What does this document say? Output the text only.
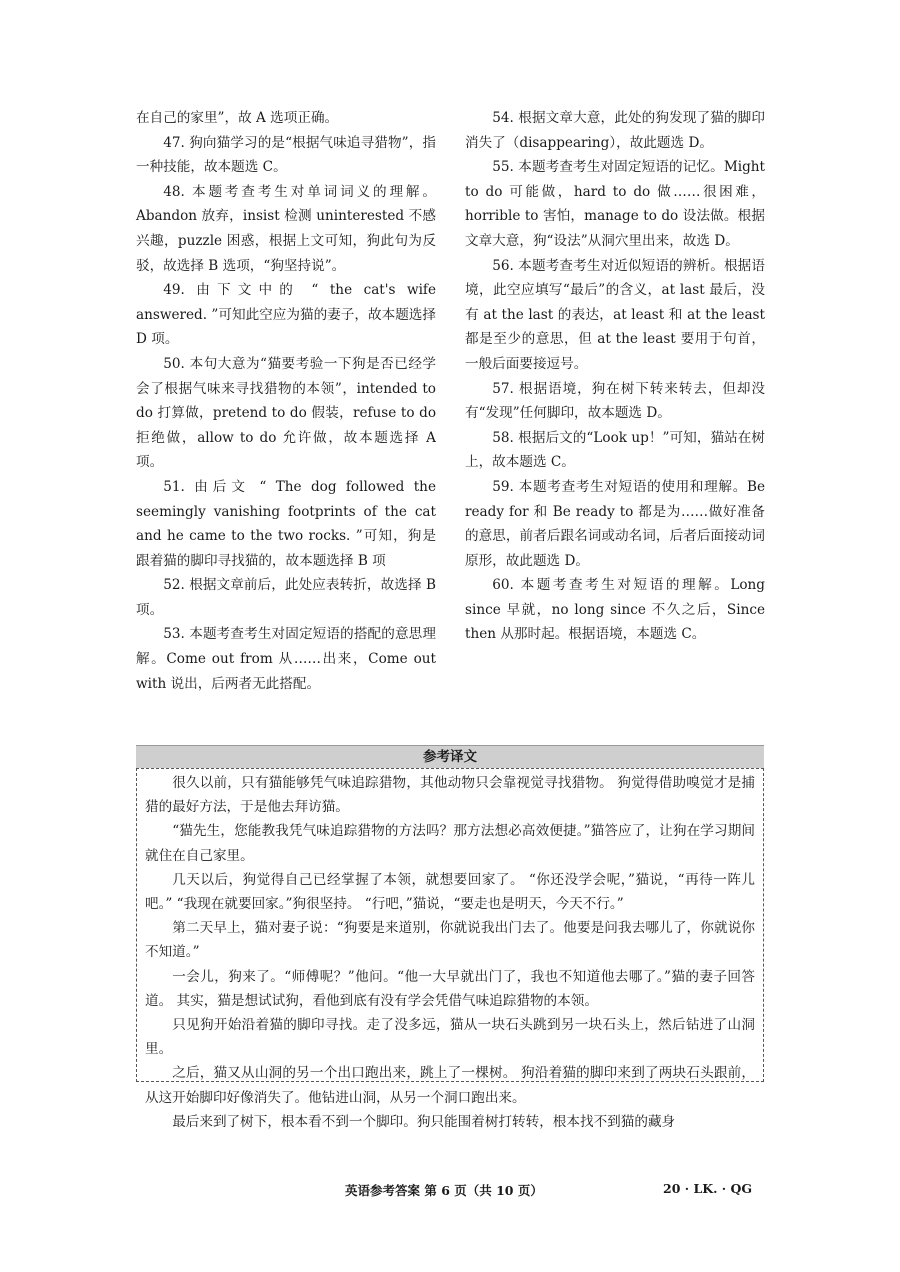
在自己的家里”，故 A 选项正确。

47. 狗向猫学习的是“根据气味追寻猎物”，指一种技能，故本题选 C。

48. 本题考查考生对单词词义的理解。Abandon 放弃，insist 检测 uninterested 不感兴趣，puzzle 困惑，根据上文可知，狗此句为反驳，故选择 B 选项，“狗坚持说”。

49. 由下文中的 “ the cat's wife answered. ”可知此空应为猫的妻子，故本题选择 D 项。

50. 本句大意为“猫要考验一下狗是否已经学会了根据气味来寻找猎物的本领”，intended to do 打算做，pretend to do 假装，refuse to do 拒绝做，allow to do 允许做，故本题选择 A 项。

51. 由后文 “ The dog followed the seemingly vanishing footprints of the cat and he came to the two rocks. ”可知，狗是跟着猫的脚印寻找猫的，故本题选择 B 项

52. 根据文章前后，此处应表转折，故选择 B 项。

53. 本题考查考生对固定短语的搭配的意思理解。Come out from 从……出来，Come out with 说出，后两者无此搭配。

54. 根据文章大意，此处的狗发现了猫的脚印消失了（disappearing），故此题选 D。

55. 本题考查考生对固定短语的记忆。Might to do 可能做，hard to do 做……很困难，horrible to 害怕，manage to do 设法做。根据文章大意，狗“设法”从洞穴里出来，故选 D。

56. 本题考查考生对近似短语的辨析。根据语境，此空应填写“最后”的含义，at last 最后，没有 at the last 的表达，at least 和 at the least 都是至少的意思，但 at the least 要用于句首，一般后面要接逗号。

57. 根据语境，狗在树下转来转去，但却没有“发现”任何脚印，故本题选 D。

58. 根据后文的“Look up！”可知，猫站在树上，故本题选 C。

59. 本题考查考生对短语的使用和理解。Be ready for 和 Be ready to 都是为……做好准备的意思，前者后跟名词或动名词，后者后面接动词原形，故此题选 D。

60. 本题考查考生对短语的理解。Long since 早就，no long since 不久之后，Since then 从那时起。根据语境，本题选 C。

参考译文

很久以前，只有猫能够凭气味追踪猎物，其他动物只会靠视觉寻找猎物。 狗觉得借助嗅觉才是捕猎的最好方法，于是他去拜访猫。

“猫先生，您能教我凭气味追踪猎物的方法吗？那方法想必高效便捷。”猫答应了，让狗在学习期间就住在自己家里。

几天以后，狗觉得自己已经掌握了本领，就想要回家了。 “你还没学会呢，”猫说，“再待一阵儿吧。” “我现在就要回家。”狗很坚持。 “行吧，”猫说，“要走也是明天，今天不行。”

第二天早上，猫对妻子说：“狗要是来道别，你就说我出门去了。他要是问我去哪儿了，你就说你不知道。”

一会儿，狗来了。“师傅呢？”他问。“他一大早就出门了，我也不知道他去哪了。”猫的妻子回答道。 其实，猫是想试试狗，看他到底有没有学会凭借气味追踪猎物的本领。

只见狗开始沿着猫的脚印寻找。走了没多远，猫从一块石头跳到另一块石头上，然后钻进了山洞里。

之后，猫又从山洞的另一个出口跑出来，跳上了一棵树。 狗沿着猫的脚印来到了两块石头跟前，从这开始脚印好像消失了。他钻进山洞，从另一个洞口跑出来。

最后来到了树下，根本看不到一个脚印。狗只能围着树打转转，根本找不到猫的藏身

英语参考答案 第 6 页（共 10 页）	20 · LK. · QG
